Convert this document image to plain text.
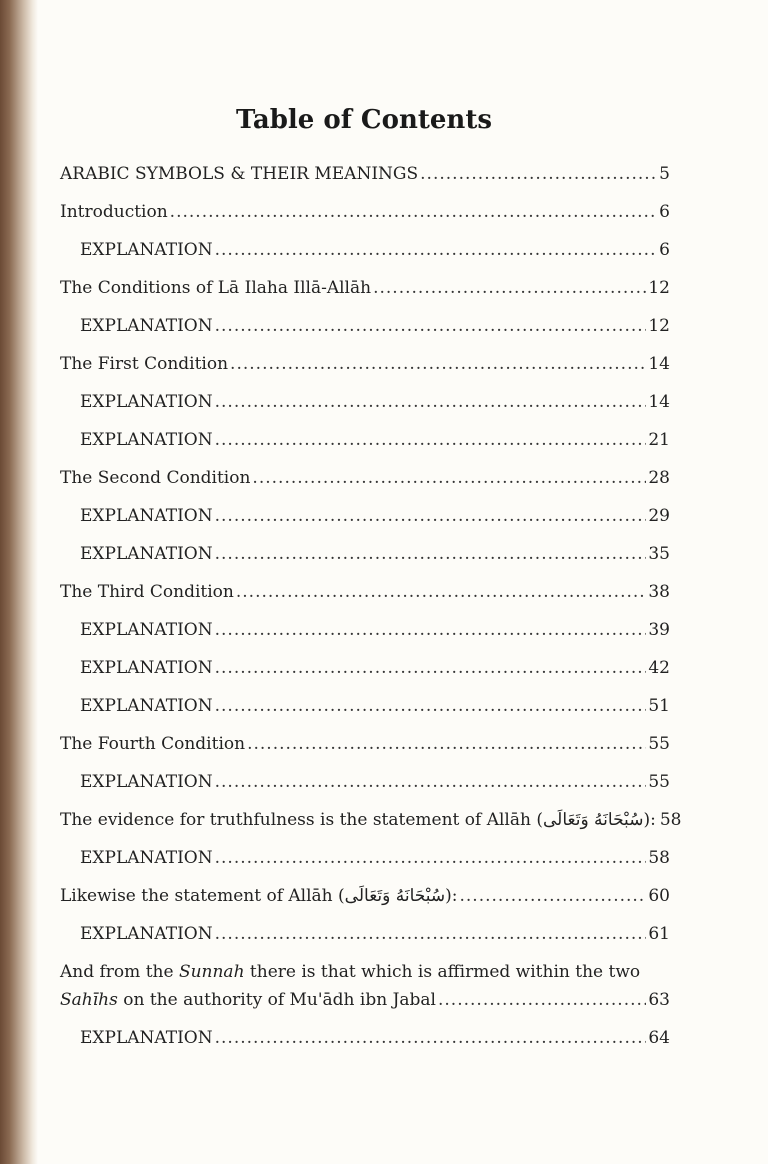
Table of Contents
ARABIC SYMBOLS & THEIR MEANINGS .....	5
Introduction .....	6
EXPLANATION .....	6
The Conditions of Lā Ilaha Illā-Allāh .....	12
EXPLANATION .....	12
The First Condition .....	14
EXPLANATION .....	14
EXPLANATION .....	21
The Second Condition .....	28
EXPLANATION .....	29
EXPLANATION .....	35
The Third Condition .....	38
EXPLANATION .....	39
EXPLANATION .....	42
EXPLANATION .....	51
The Fourth Condition .....	55
EXPLANATION .....	55
The evidence for truthfulness is the statement of Allāh (سُبْحَانَهُ وَتَعَالَى): 58
EXPLANATION .....	58
Likewise the statement of Allāh (سُبْحَانَهُ وَتَعَالَى): .....	60
EXPLANATION .....	61
And from the Sunnah there is that which is affirmed within the two
Sahīhs on the authority of Mu'ādh ibn Jabal .....	63
EXPLANATION .....	64
